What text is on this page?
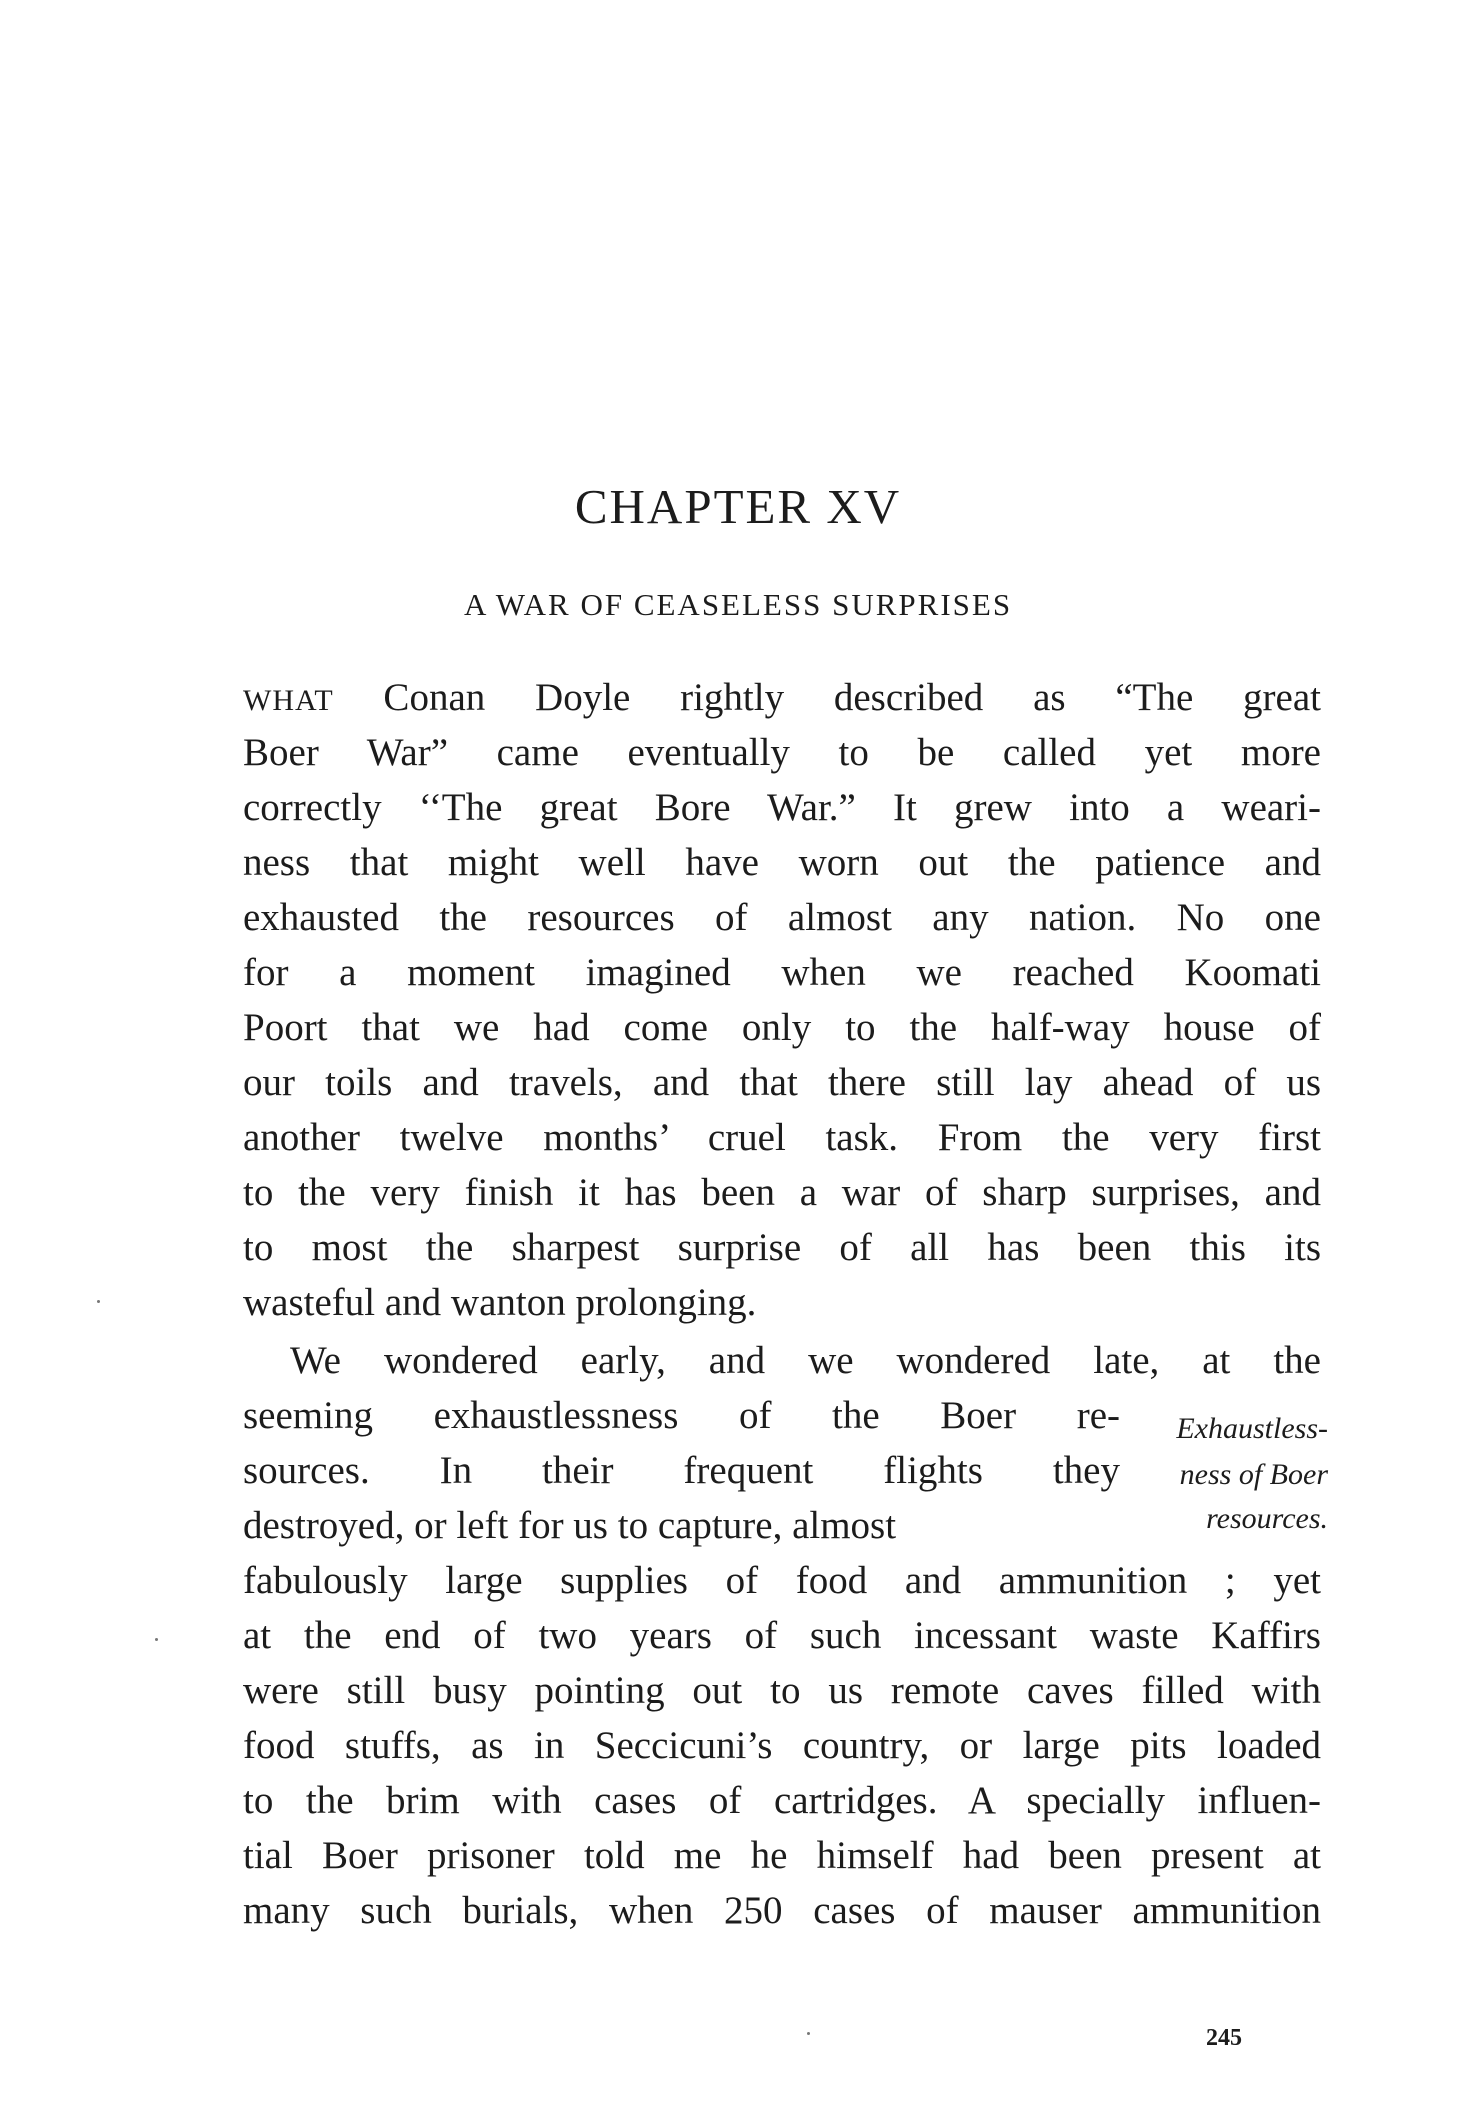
CHAPTER XV
A WAR OF CEASELESS SURPRISES
WHAT Conan Doyle rightly described as “The great
Boer War” came eventually to be called yet more
correctly ‘‘The great Bore War.” It grew into a weari-
ness that might well have worn out the patience and
exhausted the resources of almost any nation. No one
for a moment imagined when we reached Koomati
Poort that we had come only to the half-way house of
our toils and travels, and that there still lay ahead of us
another twelve months’ cruel task. From the very first
to the very finish it has been a war of sharp surprises, and
to most the sharpest surprise of all has been this its
wasteful and wanton prolonging.
We wondered early, and we wondered late, at the
seeming exhaustlessness of the Boer re-
sources. In their frequent flights they
destroyed, or left for us to capture, almost
fabulously large supplies of food and ammunition ; yet
at the end of two years of such incessant waste Kaffirs
were still busy pointing out to us remote caves filled with
food stuffs, as in Seccicuni’s country, or large pits loaded
to the brim with cases of cartridges. A specially influen-
tial Boer prisoner told me he himself had been present at
many such burials, when 250 cases of mauser ammunition
Exhaustless-
ness of Boer
resources.
245
